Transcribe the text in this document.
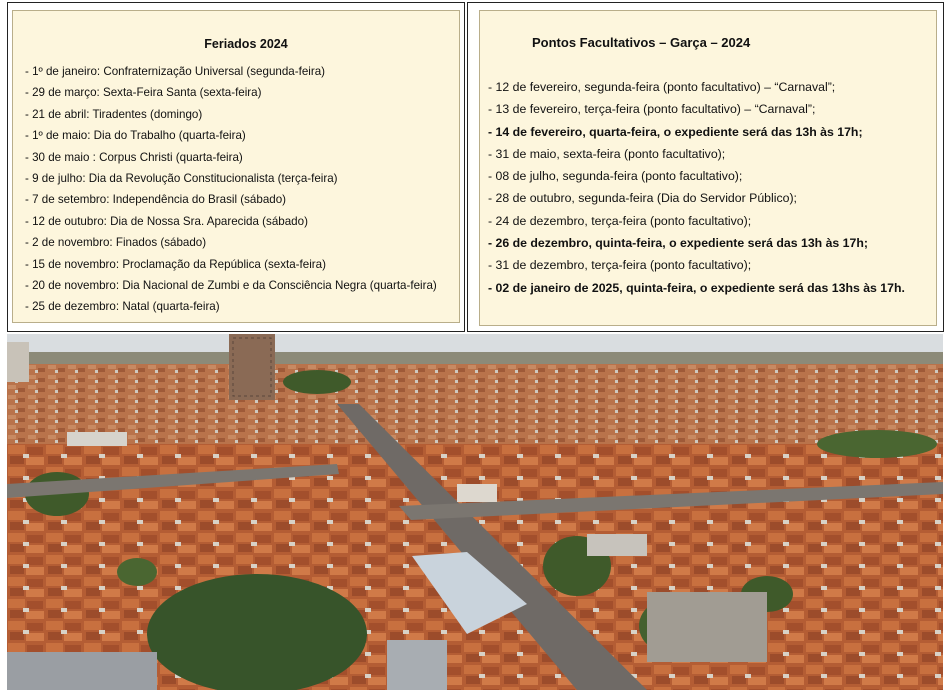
Feriados 2024
- 1º de janeiro: Confraternização Universal (segunda-feira)
- 29 de março: Sexta-Feira Santa (sexta-feira)
- 21 de abril: Tiradentes (domingo)
- 1º de maio: Dia do Trabalho (quarta-feira)
- 30 de maio : Corpus Christi (quarta-feira)
- 9 de julho: Dia da Revolução Constitucionalista (terça-feira)
- 7 de setembro: Independência do Brasil (sábado)
- 12 de outubro: Dia de Nossa Sra. Aparecida (sábado)
- 2 de novembro: Finados (sábado)
- 15 de novembro: Proclamação da República (sexta-feira)
- 20 de novembro: Dia Nacional de Zumbi e da Consciência Negra (quarta-feira)
- 25 de dezembro: Natal (quarta-feira)
Pontos Facultativos – Garça – 2024
- 12 de fevereiro, segunda-feira (ponto facultativo) – “Carnaval”;
- 13 de fevereiro, terça-feira (ponto facultativo) – “Carnaval”;
- 14 de fevereiro, quarta-feira, o expediente será das 13h às 17h;
- 31 de maio, sexta-feira (ponto facultativo);
- 08 de julho, segunda-feira (ponto facultativo);
- 28 de outubro, segunda-feira (Dia do Servidor Público);
- 24 de dezembro, terça-feira (ponto facultativo);
- 26 de dezembro, quinta-feira, o expediente será das 13h às 17h;
- 31 de dezembro, terça-feira (ponto facultativo);
- 02 de janeiro de 2025, quinta-feira, o expediente será das 13hs às 17h.
